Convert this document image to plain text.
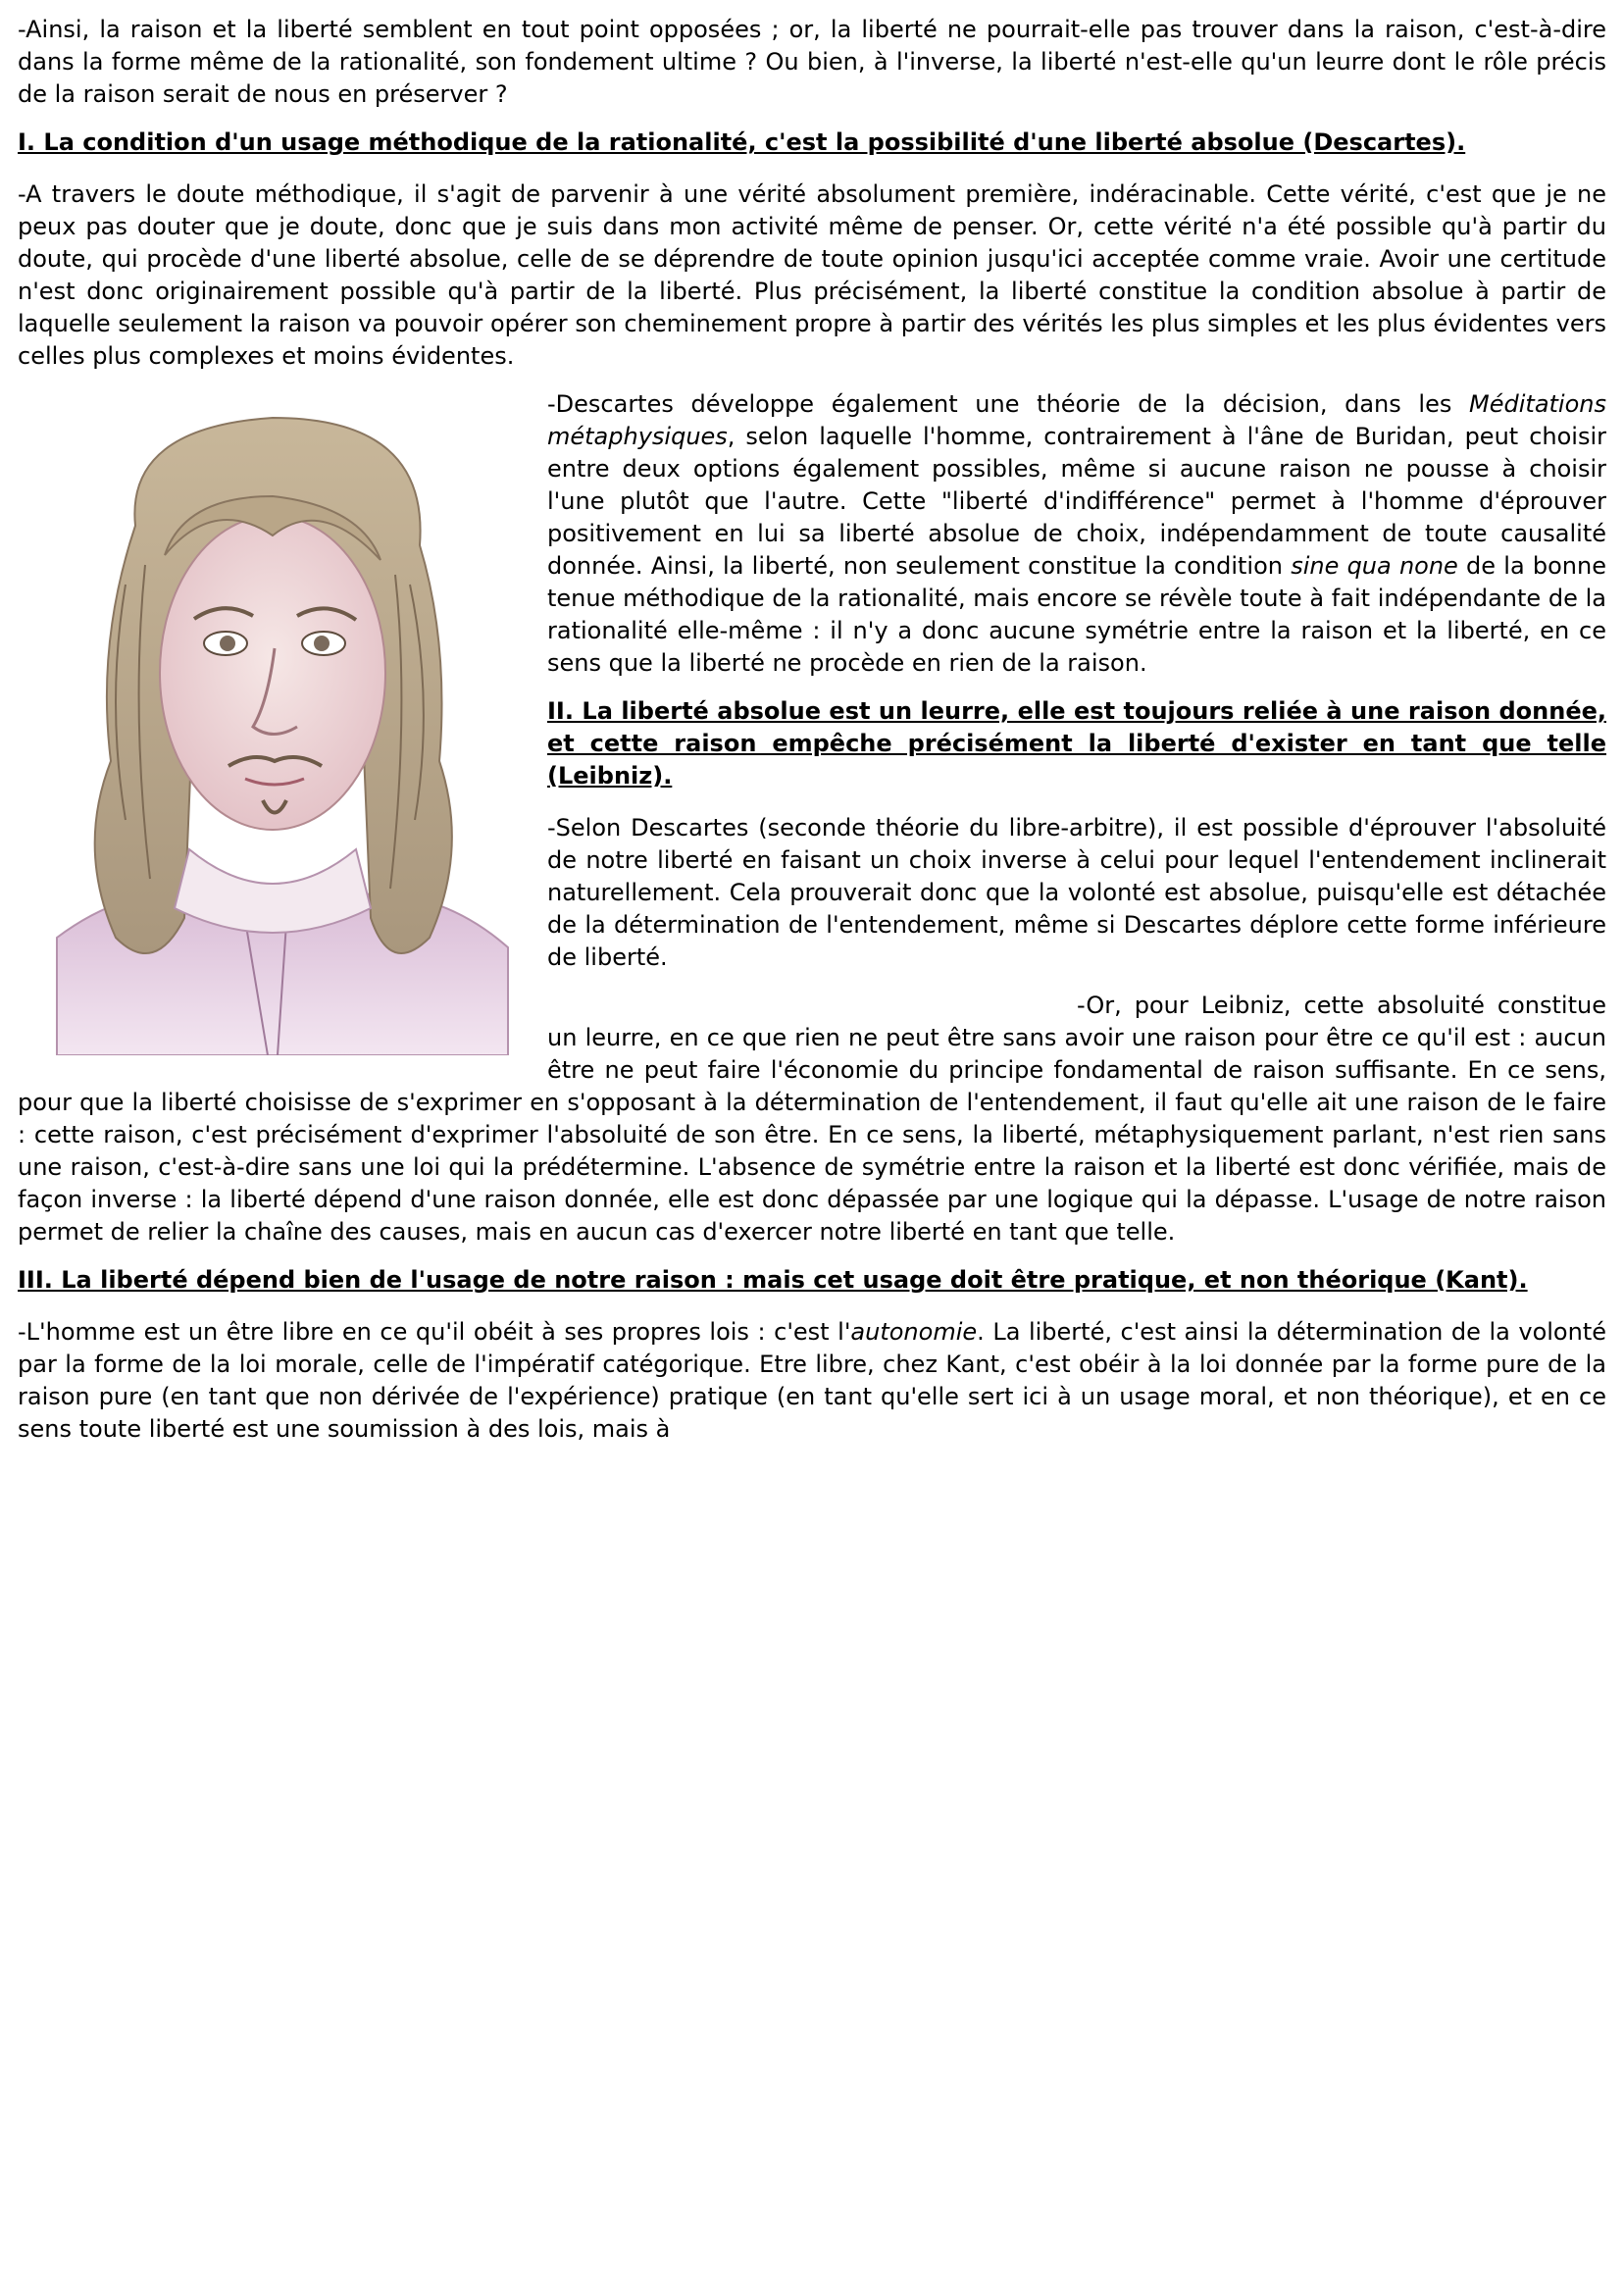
-Ainsi, la raison et la liberté semblent en tout point opposées ; or, la liberté ne pourrait-elle pas trouver dans la raison, c'est-à-dire dans la forme même de la rationalité, son fondement ultime ? Ou bien, à l'inverse, la liberté n'est-elle qu'un leurre dont le rôle précis de la raison serait de nous en préserver ?

I. La condition d'un usage méthodique de la rationalité, c'est la possibilité d'une liberté absolue (Descartes).

-A travers le doute méthodique, il s'agit de parvenir à une vérité absolument première, indéracinable. Cette vérité, c'est que je ne peux pas douter que je doute, donc que je suis dans mon activité même de penser. Or, cette vérité n'a été possible qu'à partir du doute, qui procède d'une liberté absolue, celle de se déprendre de toute opinion jusqu'ici acceptée comme vraie. Avoir une certitude n'est donc originairement possible qu'à partir de la liberté. Plus précisément, la liberté constitue la condition absolue à partir de laquelle seulement la raison va pouvoir opérer son cheminement propre à partir des vérités les plus simples et les plus évidentes vers celles plus complexes et moins évidentes.

-Descartes développe également une théorie de la décision, dans les Méditations métaphysiques, selon laquelle l'homme, contrairement à l'âne de Buridan, peut choisir entre deux options également possibles, même si aucune raison ne pousse à choisir l'une plutôt que l'autre. Cette "liberté d'indifférence" permet à l'homme d'éprouver positivement en lui sa liberté absolue de choix, indépendamment de toute causalité donnée. Ainsi, la liberté, non seulement constitue la condition sine qua none de la bonne tenue méthodique de la rationalité, mais encore se révèle toute à fait indépendante de la rationalité elle-même : il n'y a donc aucune symétrie entre la raison et la liberté, en ce sens que la liberté ne procède en rien de la raison.

II. La liberté absolue est un leurre, elle est toujours reliée à une raison donnée, et cette raison empêche précisément la liberté d'exister en tant que telle (Leibniz).

-Selon Descartes (seconde théorie du libre-arbitre), il est possible d'éprouver l'absoluité de notre liberté en faisant un choix inverse à celui pour lequel l'entendement inclinerait naturellement. Cela prouverait donc que la volonté est absolue, puisqu'elle est détachée de la détermination de l'entendement, même si Descartes déplore cette forme inférieure de liberté.

-Or, pour Leibniz, cette absoluité constitue un leurre, en ce que rien ne peut être sans avoir une raison pour être ce qu'il est : aucun être ne peut faire l'économie du principe fondamental de raison suffisante. En ce sens, pour que la liberté choisisse de s'exprimer en s'opposant à la détermination de l'entendement, il faut qu'elle ait une raison de le faire : cette raison, c'est précisément d'exprimer l'absoluité de son être. En ce sens, la liberté, métaphysiquement parlant, n'est rien sans une raison, c'est-à-dire sans une loi qui la prédétermine. L'absence de symétrie entre la raison et la liberté est donc vérifiée, mais de façon inverse : la liberté dépend d'une raison donnée, elle est donc dépassée par une logique qui la dépasse. L'usage de notre raison permet de relier la chaîne des causes, mais en aucun cas d'exercer notre liberté en tant que telle.

III. La liberté dépend bien de l'usage de notre raison : mais cet usage doit être pratique, et non théorique (Kant).

-L'homme est un être libre en ce qu'il obéit à ses propres lois : c'est l'autonomie. La liberté, c'est ainsi la détermination de la volonté par la forme de la loi morale, celle de l'impératif catégorique. Etre libre, chez Kant, c'est obéir à la loi donnée par la forme pure de la raison pure (en tant que non dérivée de l'expérience) pratique (en tant qu'elle sert ici à un usage moral, et non théorique), et en ce sens toute liberté est une soumission à des lois, mais à
